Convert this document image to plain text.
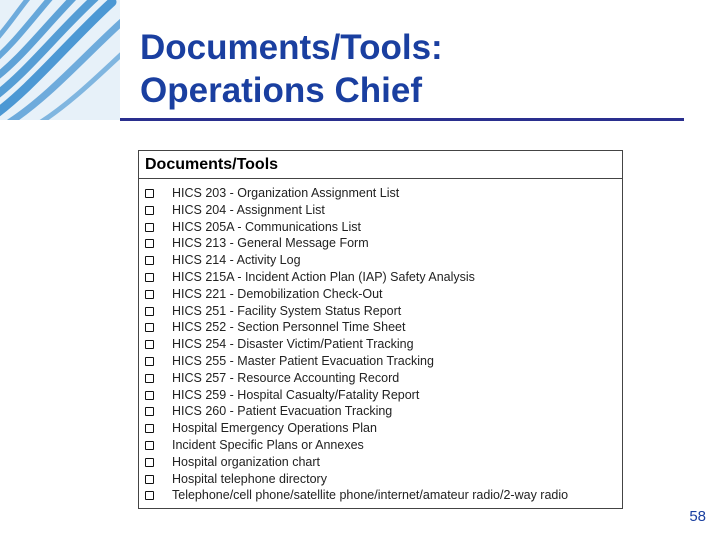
Documents/Tools:
Operations Chief
Documents/Tools
HICS 203 - Organization Assignment List
HICS 204 - Assignment List
HICS 205A - Communications List
HICS 213 - General Message Form
HICS 214 - Activity Log
HICS 215A - Incident Action Plan (IAP) Safety Analysis
HICS 221 - Demobilization Check-Out
HICS 251 - Facility System Status Report
HICS 252 - Section Personnel Time Sheet
HICS 254 - Disaster Victim/Patient Tracking
HICS 255 - Master Patient Evacuation Tracking
HICS 257 - Resource Accounting Record
HICS 259 - Hospital Casualty/Fatality Report
HICS 260 - Patient Evacuation Tracking
Hospital Emergency Operations Plan
Incident Specific Plans or Annexes
Hospital organization chart
Hospital telephone directory
Telephone/cell phone/satellite phone/internet/amateur radio/2-way radio
58
